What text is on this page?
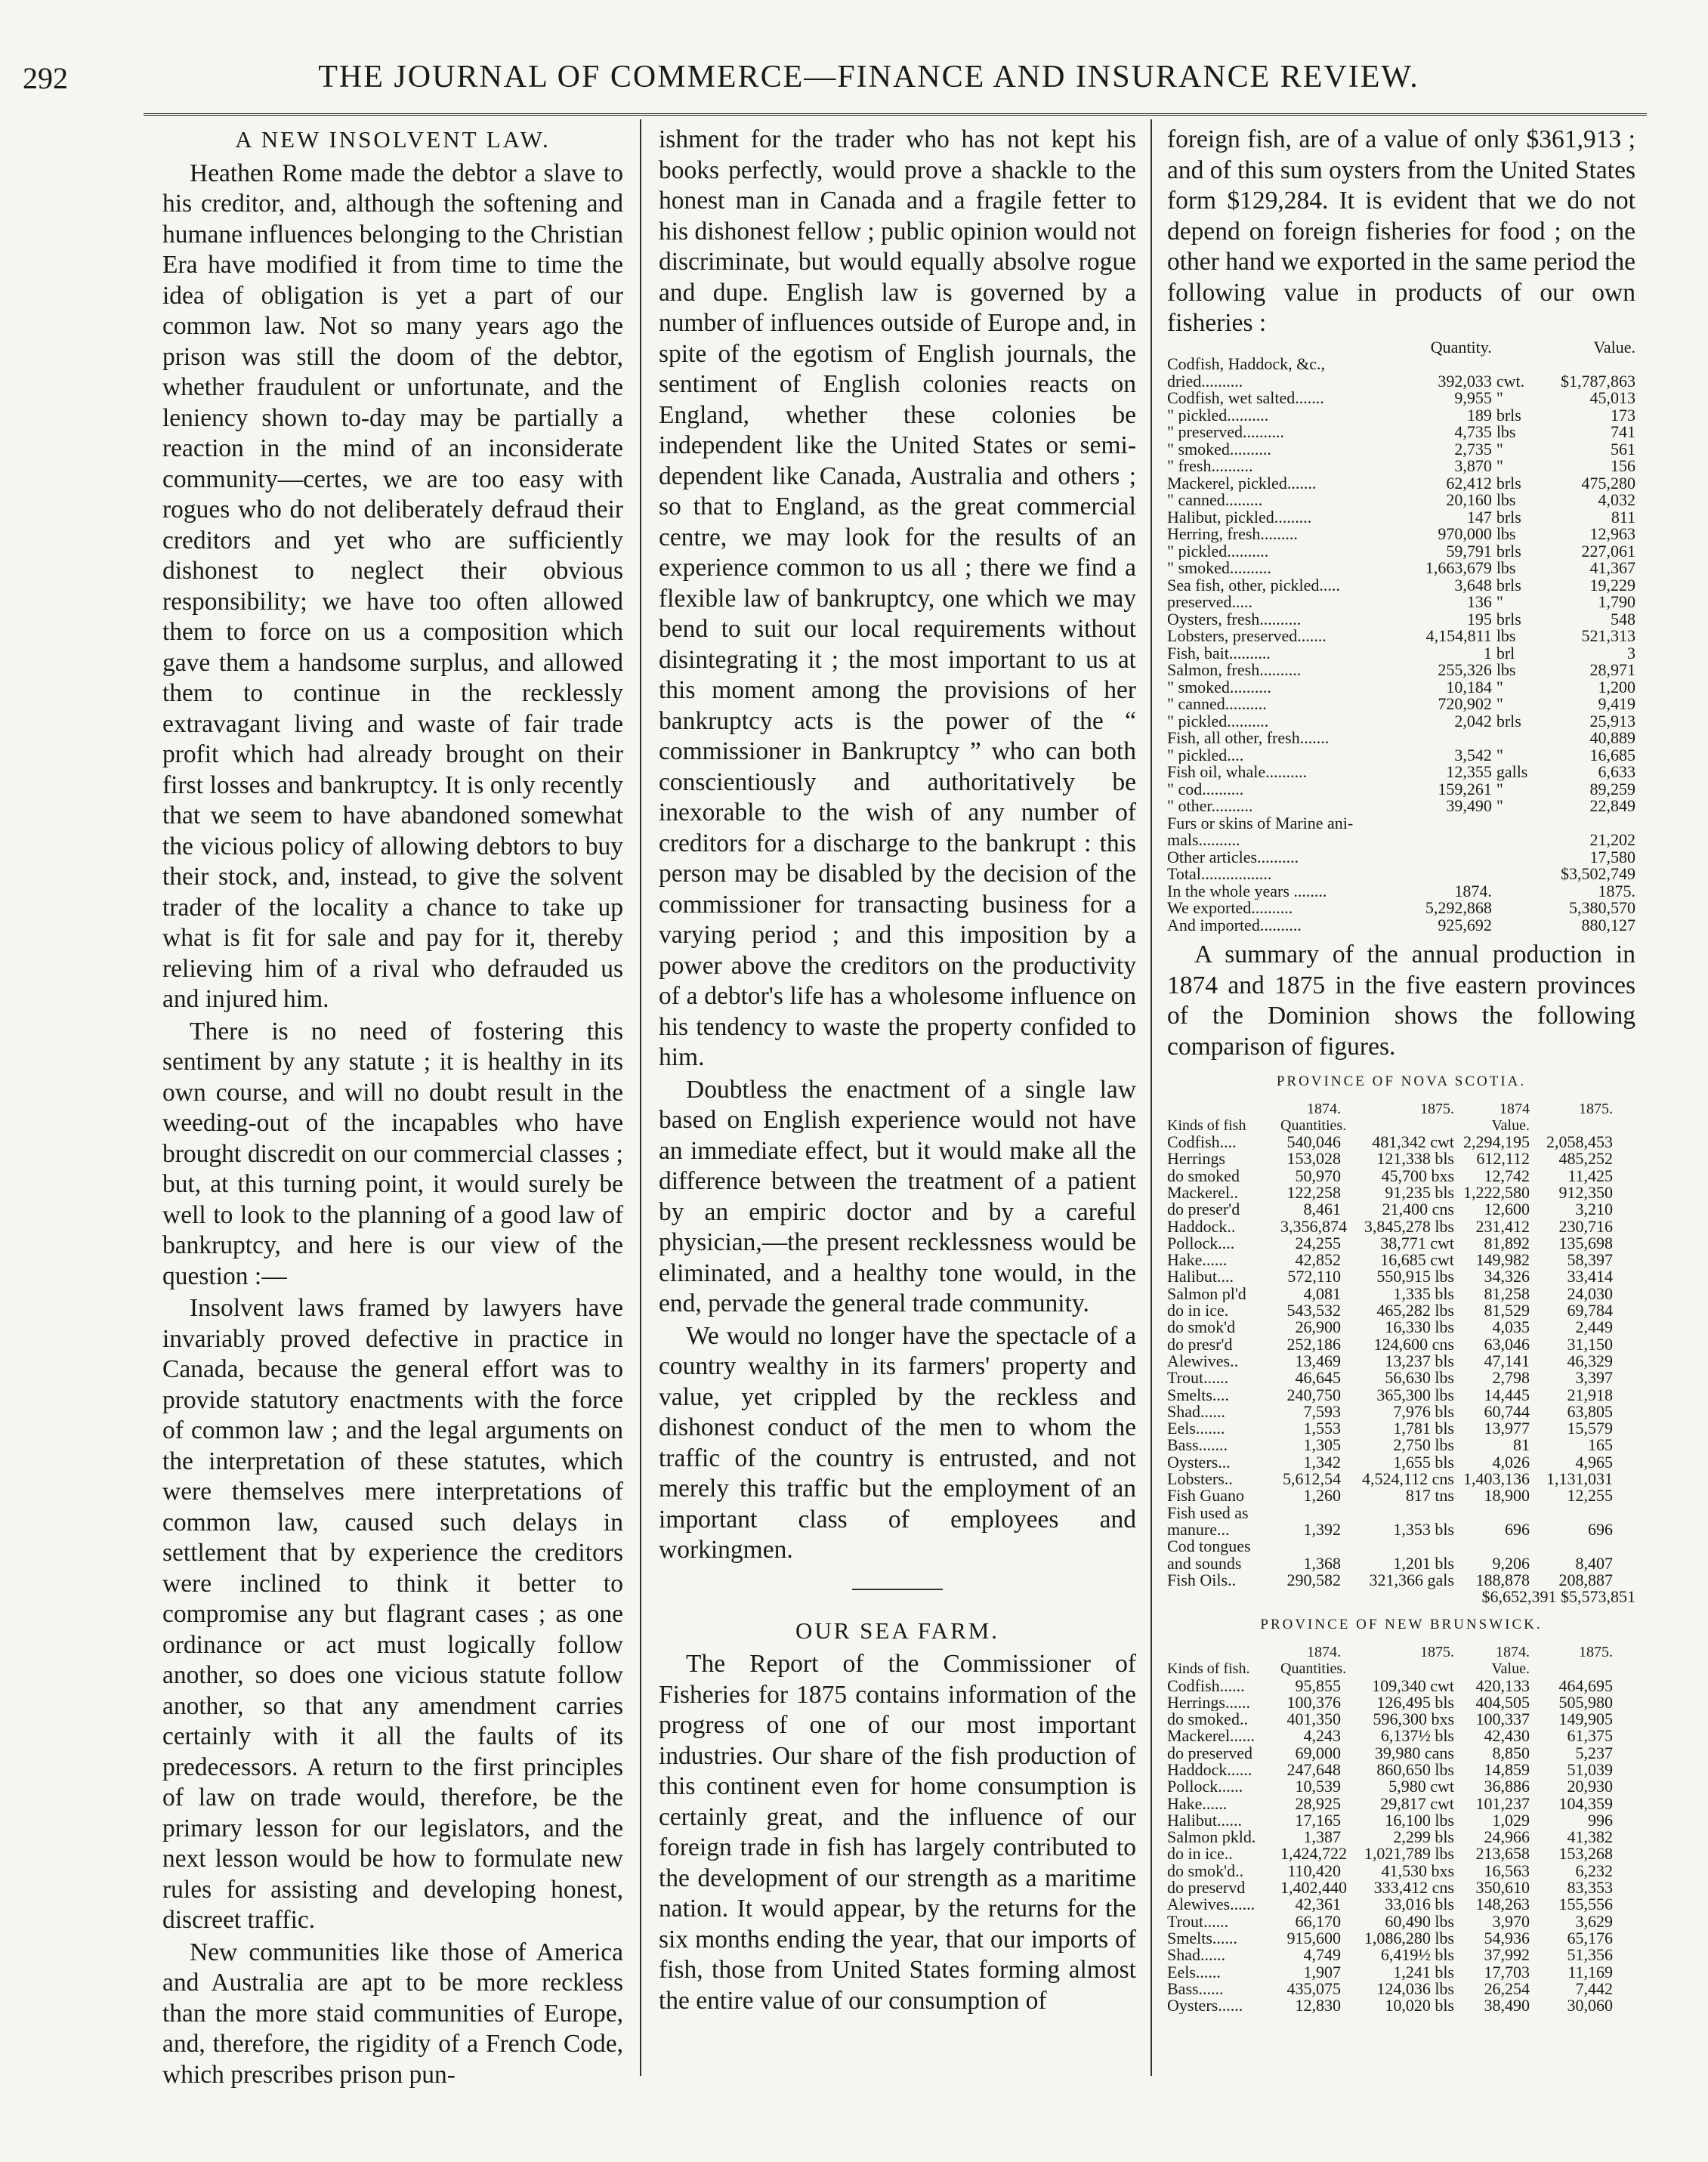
292	THE JOURNAL OF COMMERCE—FINANCE AND INSURANCE REVIEW.
A NEW INSOLVENT LAW.

Heathen Rome made the debtor a slave to his creditor, and, although the softening and humane influences belonging to the Christian Era have modified it from time to time the idea of obligation is yet a part of our common law. Not so many years ago the prison was still the doom of the debtor, whether fraudulent or unfortunate, and the leniency shown to-day may be partially a reaction in the mind of an inconsiderate community—certes, we are too easy with rogues who do not deliberately defraud their creditors and yet who are sufficiently dishonest to neglect their obvious responsibility; we have too often allowed them to force on us a composition which gave them a handsome surplus, and allowed them to continue in the recklessly extravagant living and waste of fair trade profit which had already brought on their first losses and bankruptcy. It is only recently that we seem to have abandoned somewhat the vicious policy of allowing debtors to buy their stock, and, instead, to give the solvent trader of the locality a chance to take up what is fit for sale and pay for it, thereby relieving him of a rival who defrauded us and injured him.

There is no need of fostering this sentiment by any statute ; it is healthy in its own course, and will no doubt result in the weeding-out of the incapables who have brought discredit on our commercial classes ; but, at this turning point, it would surely be well to look to the planning of a good law of bankruptcy, and here is our view of the question :—

Insolvent laws framed by lawyers have invariably proved defective in practice in Canada, because the general effort was to provide statutory enactments with the force of common law ; and the legal arguments on the interpretation of these statutes, which were themselves mere interpretations of common law, caused such delays in settlement that by experience the creditors were inclined to think it better to compromise any but flagrant cases ; as one ordinance or act must logically follow another, so does one vicious statute follow another, so that any amendment carries certainly with it all the faults of its predecessors. A return to the first principles of law on trade would, therefore, be the primary lesson for our legislators, and the next lesson would be how to formulate new rules for assisting and developing honest, discreet traffic.

New communities like those of America and Australia are apt to be more reckless than the more staid communities of Europe, and, therefore, the rigidity of a French Code, which prescribes prison pun-

ishment for the trader who has not kept his books perfectly, would prove a shackle to the honest man in Canada and a fragile fetter to his dishonest fellow ; public opinion would not discriminate, but would equally absolve rogue and dupe. English law is governed by a number of influences outside of Europe and, in spite of the egotism of English journals, the sentiment of English colonies reacts on England, whether these colonies be independent like the United States or semi-dependent like Canada, Australia and others ; so that to England, as the great commercial centre, we may look for the results of an experience common to us all ; there we find a flexible law of bankruptcy, one which we may bend to suit our local requirements without disintegrating it ; the most important to us at this moment among the provisions of her bankruptcy acts is the power of the “ commissioner in Bankruptcy ” who can both conscientiously and authoritatively be inexorable to the wish of any number of creditors for a discharge to the bankrupt : this person may be disabled by the decision of the commissioner for transacting business for a varying period ; and this imposition by a power above the creditors on the productivity of a debtor's life has a wholesome influence on his tendency to waste the property confided to him.

Doubtless the enactment of a single law based on English experience would not have an immediate effect, but it would make all the difference between the treatment of a patient by an empiric doctor and by a careful physician,—the present recklessness would be eliminated, and a healthy tone would, in the end, pervade the general trade community.

We would no longer have the spectacle of a country wealthy in its farmers' property and value, yet crippled by the reckless and dishonest conduct of the men to whom the traffic of the country is entrusted, and not merely this traffic but the employment of an important class of employees and workingmen.

OUR SEA FARM.

The Report of the Commissioner of Fisheries for 1875 contains information of the progress of one of our most important industries. Our share of the fish production of this continent even for home consumption is certainly great, and the influence of our foreign trade in fish has largely contributed to the development of our strength as a maritime nation. It would appear, by the returns for the six months ending the year, that our imports of fish, those from United States forming almost the entire value of our consumption of

foreign fish, are of a value of only $361,913 ; and of this sum oysters from the United States form $129,284. It is evident that we do not depend on foreign fisheries for food ; on the other hand we exported in the same period the following value in products of our own fisheries :

Quantity.	Value.
Codfish, Haddock, &c.,
dried..........	392,033 cwt.	$1,787,863
Codfish, wet salted.......	9,955 "	45,013
" pickled..........	189 brls	173
" preserved..........	4,735 lbs	741
" smoked..........	2,735 "	561
" fresh..........	3,870 "	156
Mackerel, pickled.......	62,412 brls	475,280
" canned.........	20,160 lbs	4,032
Halibut, pickled.........	147 brls	811
Herring, fresh.........	970,000 lbs	12,963
" pickled..........	59,791 brls	227,061
" smoked..........	1,663,679 lbs	41,367
Sea fish, other, pickled.....	3,648 brls	19,229
preserved.....	136 "	1,790
Oysters, fresh..........	195 brls	548
Lobsters, preserved.......	4,154,811 lbs	521,313
Fish, bait..........	1 brl	3
Salmon, fresh..........	255,326 lbs	28,971
" smoked..........	10,184 "	1,200
" canned..........	720,902 "	9,419
" pickled..........	2,042 brls	25,913
Fish, all other, fresh.......	40,889
" pickled....	3,542 "	16,685
Fish oil, whale..........	12,355 galls	6,633
" cod..........	159,261 "	89,259
" other..........	39,490 "	22,849
Furs or skins of Marine ani-
mals..........	21,202
Other articles..........	17,580
Total.................	$3,502,749
In the whole years ........	1874.	1875.
We exported..........	5,292,868	5,380,570
And imported..........	925,692	880,127

A summary of the annual production in 1874 and 1875 in the five eastern provinces of the Dominion shows the following comparison of figures.

PROVINCE OF NOVA SCOTIA.
1874.	1875.	1874	1875.
Kinds of fish	Quantities.	Value.
Codfish....	540,046	481,342 cwt 2,294,195	2,058,453
Herrings	153,028	121,338 bls	612,112	485,252
do smoked	50,970	45,700 bxs	12,742	11,425
Mackerel..	122,258	91,235 bls 1,222,580	912,350
do preser'd	8,461	21,400 cns	12,600	3,210
Haddock..	3,356,874	3,845,278 lbs	231,412	230,716
Pollock....	24,255	38,771 cwt	81,892	135,698
Hake......	42,852	16,685 cwt	149,982	58,397
Halibut....	572,110	550,915 lbs	34,326	33,414
Salmon pl'd	4,081	1,335 bls	81,258	24,030
do in ice.	543,532	465,282 lbs	81,529	69,784
do smok'd	26,900	16,330 lbs	4,035	2,449
do presr'd	252,186	124,600 cns	63,046	31,150
Alewives..	13,469	13,237 bls	47,141	46,329
Trout......	46,645	56,630 lbs	2,798	3,397
Smelts....	240,750	365,300 lbs	14,445	21,918
Shad......	7,593	7,976 bls	60,744	63,805
Eels.......	1,553	1,781 bls	13,977	15,579
Bass.......	1,305	2,750 lbs	81	165
Oysters...	1,342	1,655 bls	4,026	4,965
Lobsters..	5,612,54	4,524,112 cns 1,403,136	1,131,031
Fish Guano	1,260	817 tns	18,900	12,255
Fish used as
manure...	1,392	1,353 bls	696	696
Cod tongues
and sounds	1,368	1,201 bls	9,206	8,407
Fish Oils..	290,582	321,366 gals	188,878	208,887
$6,652,391 $5,573,851
PROVINCE OF NEW BRUNSWICK.
1874.	1875.	1874.	1875.
Kinds of fish.	Quantities.	Value.
Codfish......	95,855	109,340 cwt	420,133	464,695
Herrings......	100,376	126,495 bls	404,505	505,980
do smoked..	401,350	596,300 bxs	100,337	149,905
Mackerel......	4,243	6,137½ bls	42,430	61,375
do preserved	69,000	39,980 cans	8,850	5,237
Haddock......	247,648	860,650 lbs	14,859	51,039
Pollock......	10,539	5,980 cwt	36,886	20,930
Hake......	28,925	29,817 cwt	101,237	104,359
Halibut......	17,165	16,100 lbs	1,029	996
Salmon pkld.	1,387	2,299 bls	24,966	41,382
do in ice..	1,424,722	1,021,789 lbs	213,658	153,268
do smok'd..	110,420	41,530 bxs	16,563	6,232
do preservd	1,402,440	333,412 cns	350,610	83,353
Alewives......	42,361	33,016 bls	148,263	155,556
Trout......	66,170	60,490 lbs	3,970	3,629
Smelts......	915,600	1,086,280 lbs	54,936	65,176
Shad......	4,749	6,419½ bls	37,992	51,356
Eels......	1,907	1,241 bls	17,703	11,169
Bass......	435,075	124,036 lbs	26,254	7,442
Oysters......	12,830	10,020 bls	38,490	30,060
